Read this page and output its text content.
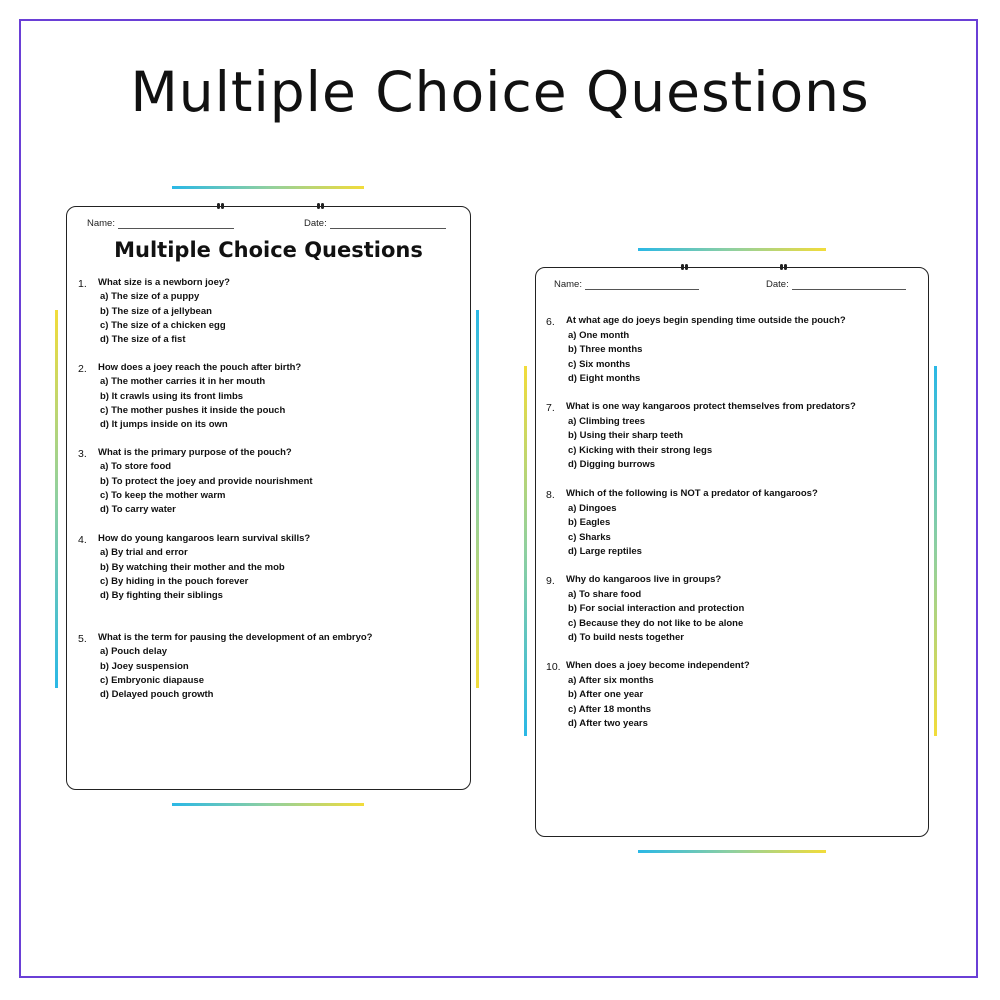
Multiple Choice Questions
Name:	Date:
Multiple Choice Questions
1. What size is a newborn joey?
a) The size of a puppy
b) The size of a jellybean
c) The size of a chicken egg
d) The size of a fist
2. How does a joey reach the pouch after birth?
a) The mother carries it in her mouth
b) It crawls using its front limbs
c) The mother pushes it inside the pouch
d) It jumps inside on its own
3. What is the primary purpose of the pouch?
a) To store food
b) To protect the joey and provide nourishment
c) To keep the mother warm
d) To carry water
4. How do young kangaroos learn survival skills?
a) By trial and error
b) By watching their mother and the mob
c) By hiding in the pouch forever
d) By fighting their siblings
5. What is the term for pausing the development of an embryo?
a) Pouch delay
b) Joey suspension
c) Embryonic diapause
d) Delayed pouch growth
Name:	Date:
6. At what age do joeys begin spending time outside the pouch?
a) One month
b) Three months
c) Six months
d) Eight months
7. What is one way kangaroos protect themselves from predators?
a) Climbing trees
b) Using their sharp teeth
c) Kicking with their strong legs
d) Digging burrows
8. Which of the following is NOT a predator of kangaroos?
a) Dingoes
b) Eagles
c) Sharks
d) Large reptiles
9. Why do kangaroos live in groups?
a) To share food
b) For social interaction and protection
c) Because they do not like to be alone
d) To build nests together
10. When does a joey become independent?
a) After six months
b) After one year
c) After 18 months
d) After two years
